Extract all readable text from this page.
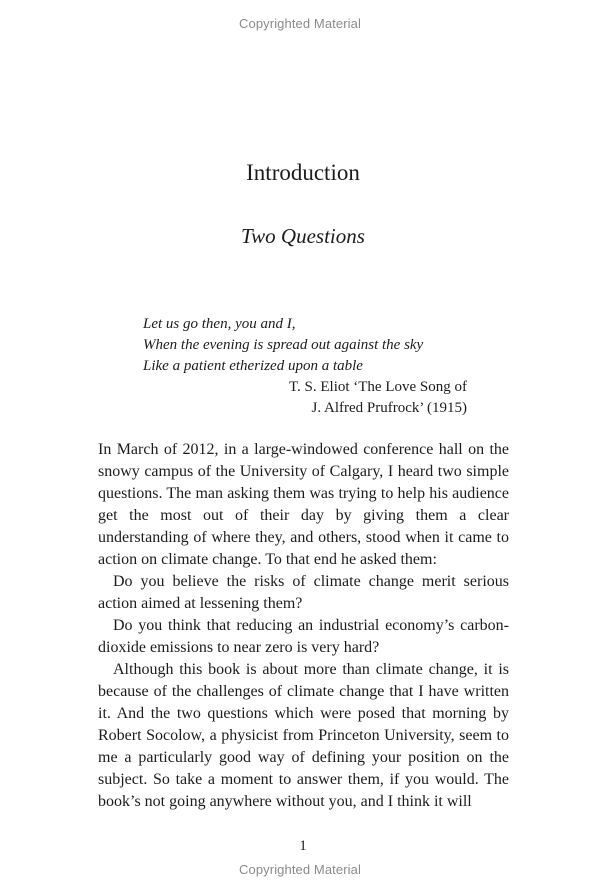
Copyrighted Material
Introduction
Two Questions
Let us go then, you and I,
When the evening is spread out against the sky
Like a patient etherized upon a table
T. S. Eliot ‘The Love Song of
J. Alfred Prufrock’ (1915)

In March of 2012, in a large-windowed conference hall on the snowy campus of the University of Calgary, I heard two simple questions. The man asking them was trying to help his audience get the most out of their day by giving them a clear understanding of where they, and others, stood when it came to action on climate change. To that end he asked them:

Do you believe the risks of climate change merit serious action aimed at lessening them?

Do you think that reducing an industrial economy’s carbon-dioxide emissions to near zero is very hard?

Although this book is about more than climate change, it is because of the challenges of climate change that I have written it. And the two questions which were posed that morning by Robert Socolow, a physicist from Princeton University, seem to me a particularly good way of defining your position on the subject. So take a moment to answer them, if you would. The book’s not going anywhere without you, and I think it will

1
Copyrighted Material
